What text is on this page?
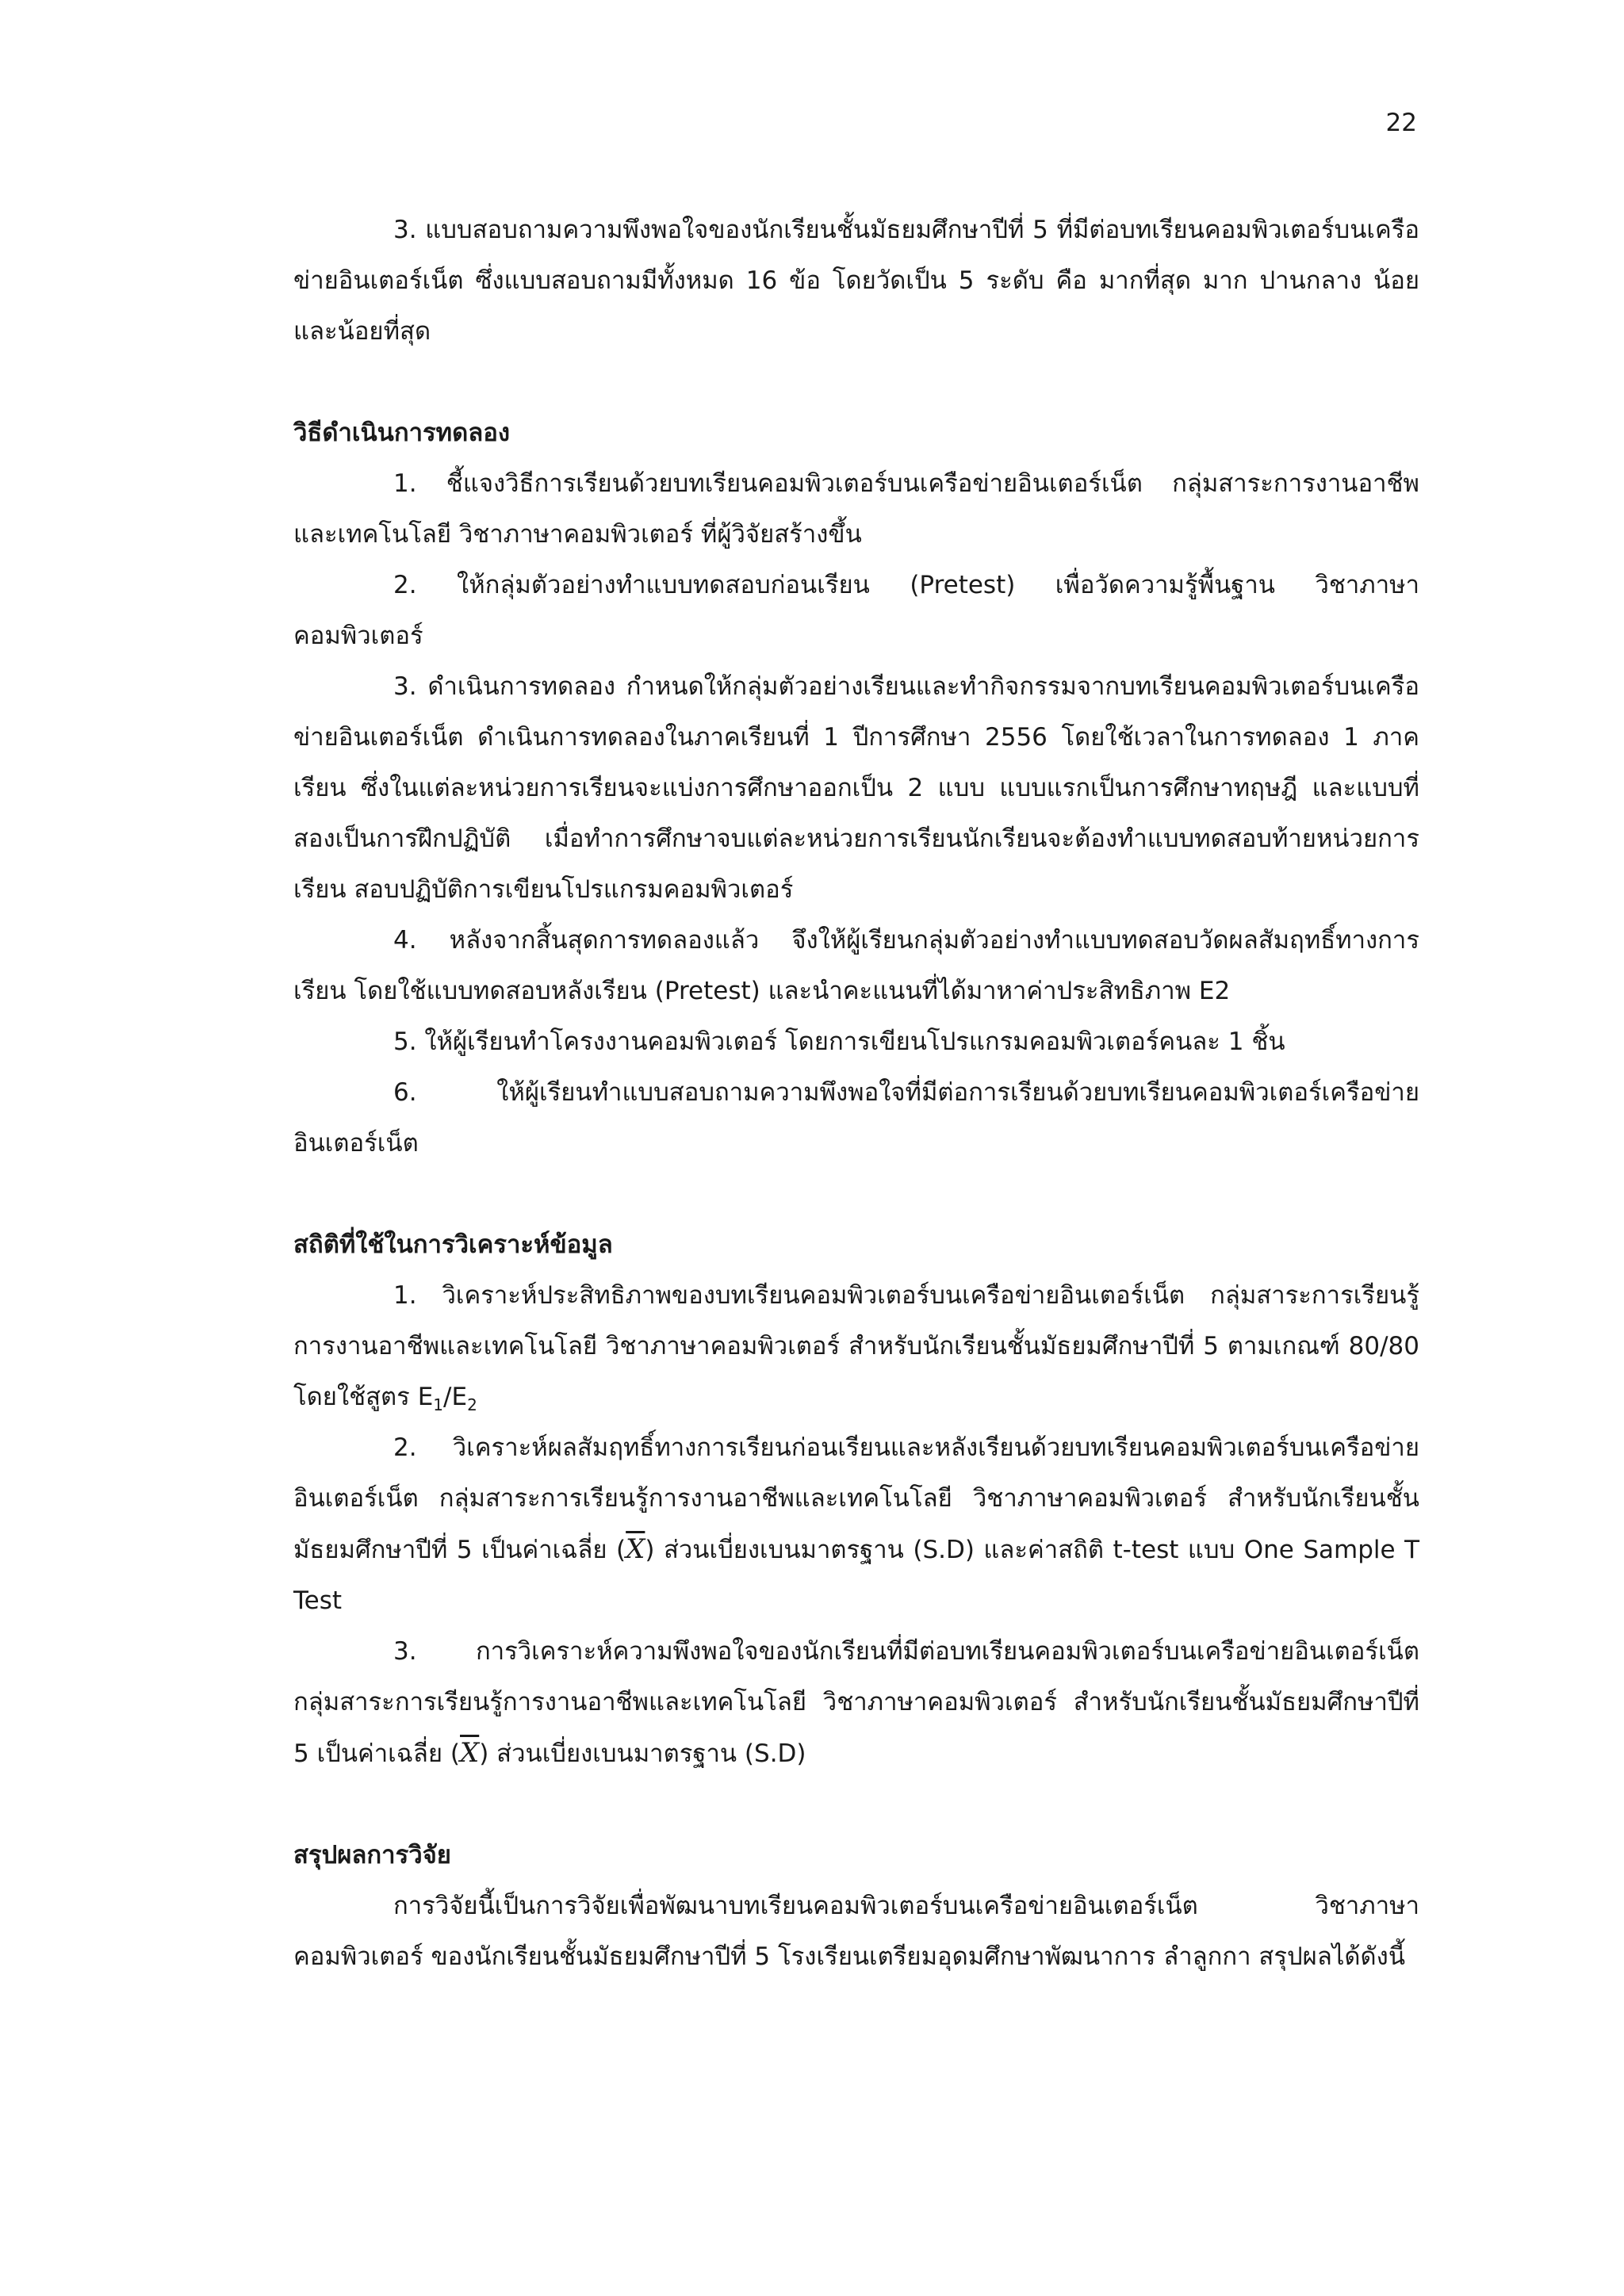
22

3. แบบสอบถามความพึงพอใจของนักเรียนชั้นมัธยมศึกษาปีที่ 5 ที่มีต่อบทเรียนคอมพิวเตอร์บนเครือข่ายอินเตอร์เน็ต ซึ่งแบบสอบถามมีทั้งหมด 16 ข้อ โดยวัดเป็น 5 ระดับ คือ มากที่สุด มาก ปานกลาง น้อย และน้อยที่สุด

วิธีดำเนินการทดลอง

1. ชี้แจงวิธีการเรียนด้วยบทเรียนคอมพิวเตอร์บนเครือข่ายอินเตอร์เน็ต กลุ่มสาระการงานอาชีพและเทคโนโลยี วิชาภาษาคอมพิวเตอร์ ที่ผู้วิจัยสร้างขึ้น

2. ให้กลุ่มตัวอย่างทำแบบทดสอบก่อนเรียน (Pretest) เพื่อวัดความรู้พื้นฐาน วิชาภาษาคอมพิวเตอร์

3. ดำเนินการทดลอง กำหนดให้กลุ่มตัวอย่างเรียนและทำกิจกรรมจากบทเรียนคอมพิวเตอร์บนเครือข่ายอินเตอร์เน็ต ดำเนินการทดลองในภาคเรียนที่ 1 ปีการศึกษา 2556 โดยใช้เวลาในการทดลอง 1 ภาคเรียน ซึ่งในแต่ละหน่วยการเรียนจะแบ่งการศึกษาออกเป็น 2 แบบ แบบแรกเป็นการศึกษาทฤษฎี และแบบที่สองเป็นการฝึกปฏิบัติ เมื่อทำการศึกษาจบแต่ละหน่วยการเรียนนักเรียนจะต้องทำแบบทดสอบท้ายหน่วยการเรียน สอบปฏิบัติการเขียนโปรแกรมคอมพิวเตอร์

4. หลังจากสิ้นสุดการทดลองแล้ว จึงให้ผู้เรียนกลุ่มตัวอย่างทำแบบทดสอบวัดผลสัมฤทธิ์ทางการเรียน โดยใช้แบบทดสอบหลังเรียน (Pretest) และนำคะแนนที่ได้มาหาค่าประสิทธิภาพ E2

5. ให้ผู้เรียนทำโครงงานคอมพิวเตอร์ โดยการเขียนโปรแกรมคอมพิวเตอร์คนละ 1 ชิ้น

6. ให้ผู้เรียนทำแบบสอบถามความพึงพอใจที่มีต่อการเรียนด้วยบทเรียนคอมพิวเตอร์เครือข่ายอินเตอร์เน็ต

สถิติที่ใช้ในการวิเคราะห์ข้อมูล

1. วิเคราะห์ประสิทธิภาพของบทเรียนคอมพิวเตอร์บนเครือข่ายอินเตอร์เน็ต กลุ่มสาระการเรียนรู้การงานอาชีพและเทคโนโลยี วิชาภาษาคอมพิวเตอร์ สำหรับนักเรียนชั้นมัธยมศึกษาปีที่ 5 ตามเกณฑ์ 80/80 โดยใช้สูตร $E_1/E_2$

2. วิเคราะห์ผลสัมฤทธิ์ทางการเรียนก่อนเรียนและหลังเรียนด้วยบทเรียนคอมพิวเตอร์บนเครือข่ายอินเตอร์เน็ต กลุ่มสาระการเรียนรู้การงานอาชีพและเทคโนโลยี วิชาภาษาคอมพิวเตอร์ สำหรับนักเรียนชั้นมัธยมศึกษาปีที่ 5 เป็นค่าเฉลี่ย $(\overline{X})$ ส่วนเบี่ยงเบนมาตรฐาน (S.D) และค่าสถิติ t-test แบบ One Sample T Test

3. การวิเคราะห์ความพึงพอใจของนักเรียนที่มีต่อบทเรียนคอมพิวเตอร์บนเครือข่ายอินเตอร์เน็ต กลุ่มสาระการเรียนรู้การงานอาชีพและเทคโนโลยี วิชาภาษาคอมพิวเตอร์ สำหรับนักเรียนชั้นมัธยมศึกษาปีที่ 5 เป็นค่าเฉลี่ย $(\overline{X})$ ส่วนเบี่ยงเบนมาตรฐาน (S.D)

สรุปผลการวิจัย

การวิจัยนี้เป็นการวิจัยเพื่อพัฒนาบทเรียนคอมพิวเตอร์บนเครือข่ายอินเตอร์เน็ต วิชาภาษาคอมพิวเตอร์ ของนักเรียนชั้นมัธยมศึกษาปีที่ 5 โรงเรียนเตรียมอุดมศึกษาพัฒนาการ ลำลูกกา สรุปผลได้ดังนี้
